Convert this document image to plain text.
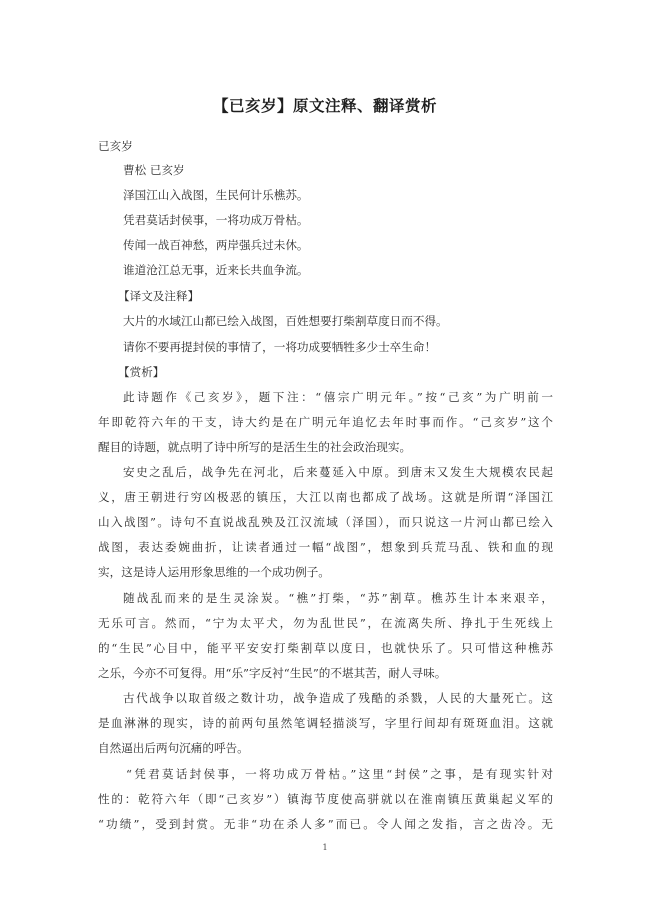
【已亥岁】原文注释、翻译赏析
已亥岁
曹松 已亥岁
泽国江山入战图，生民何计乐樵苏。
凭君莫话封侯事，一将功成万骨枯。
传闻一战百神愁，两岸强兵过未休。
谁道沧江总无事，近来长共血争流。
【译文及注释】
大片的水域江山都已绘入战图，百姓想要打柴割草度日而不得。
请你不要再提封侯的事情了，一将功成要牺牲多少士卒生命！
【赏析】
此诗题作《己亥岁》，题下注：“僖宗广明元年。”按“己亥”为广明前一
年即乾符六年的干支，诗大约是在广明元年追忆去年时事而作。“己亥岁”这个
醒目的诗题，就点明了诗中所写的是活生生的社会政治现实。
安史之乱后，战争先在河北，后来蔓延入中原。到唐末又发生大规模农民起
义，唐王朝进行穷凶极恶的镇压，大江以南也都成了战场。这就是所谓“泽国江
山入战图”。诗句不直说战乱殃及江汉流域（泽国），而只说这一片河山都已绘入
战图，表达委婉曲折，让读者通过一幅“战图”，想象到兵荒马乱、铁和血的现
实，这是诗人运用形象思维的一个成功例子。
随战乱而来的是生灵涂炭。“樵”打柴，“苏”割草。樵苏生计本来艰辛，
无乐可言。然而，“宁为太平犬，勿为乱世民”，在流离失所、挣扎于生死线上
的“生民”心目中，能平平安安打柴割草以度日，也就快乐了。只可惜这种樵苏
之乐，今亦不可复得。用“乐”字反衬“生民”的不堪其苦，耐人寻味。
古代战争以取首级之数计功，战争造成了残酷的杀戮，人民的大量死亡。这
是血淋淋的现实，诗的前两句虽然笔调轻描淡写，字里行间却有斑斑血泪。这就
自然逼出后两句沉痛的呼告。
“凭君莫话封侯事，一将功成万骨枯。”这里“封侯”之事，是有现实针对
性的：乾符六年（即“己亥岁”）镇海节度使高骈就以在淮南镇压黄巢起义军的
“功绩”，受到封赏。无非“功在杀人多”而已。令人闻之发指，言之齿冷。无
1
